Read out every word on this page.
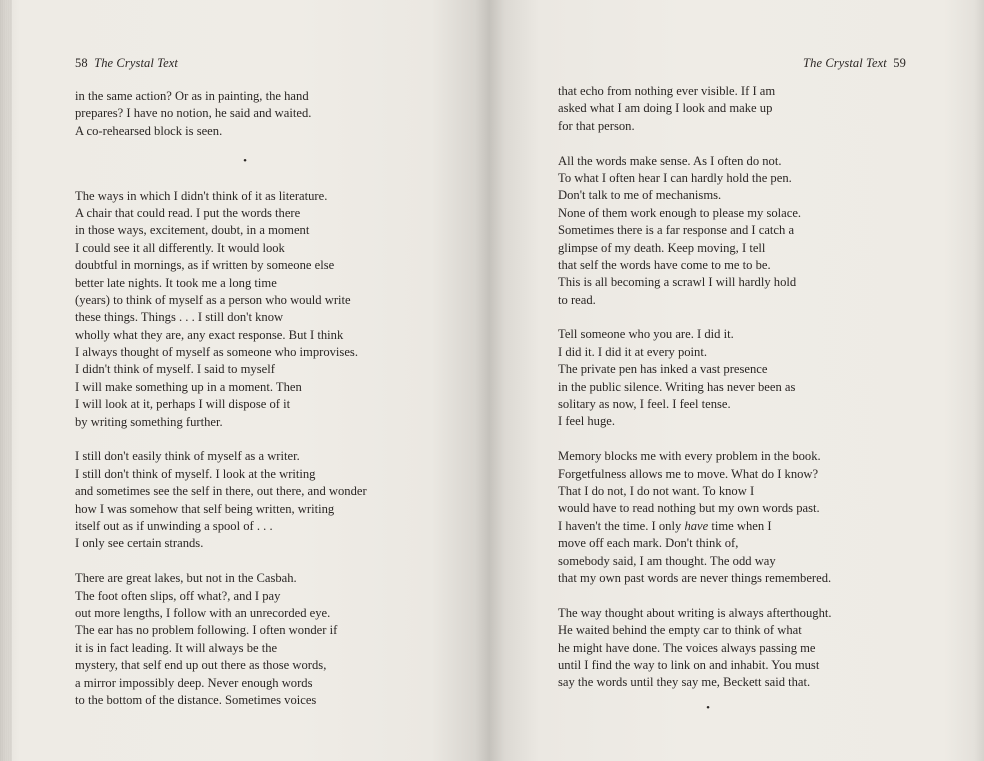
58 The Crystal Text
in the same action? Or as in painting, the hand
prepares? I have no notion, he said and waited.
A co-rehearsed block is seen.
•
The ways in which I didn't think of it as literature.
A chair that could read. I put the words there
in those ways, excitement, doubt, in a moment
I could see it all differently. It would look
doubtful in mornings, as if written by someone else
better late nights. It took me a long time
(years) to think of myself as a person who would write
these things. Things . . . I still don't know
wholly what they are, any exact response. But I think
I always thought of myself as someone who improvises.
I didn't think of myself. I said to myself
I will make something up in a moment. Then
I will look at it, perhaps I will dispose of it
by writing something further.
I still don't easily think of myself as a writer.
I still don't think of myself. I look at the writing
and sometimes see the self in there, out there, and wonder
how I was somehow that self being written, writing
itself out as if unwinding a spool of . . .
I only see certain strands.
There are great lakes, but not in the Casbah.
The foot often slips, off what?, and I pay
out more lengths, I follow with an unrecorded eye.
The ear has no problem following. I often wonder if
it is in fact leading. It will always be the
mystery, that self end up out there as those words,
a mirror impossibly deep. Never enough words
to the bottom of the distance. Sometimes voices
The Crystal Text 59
that echo from nothing ever visible. If I am
asked what I am doing I look and make up
for that person.
All the words make sense. As I often do not.
To what I often hear I can hardly hold the pen.
Don't talk to me of mechanisms.
None of them work enough to please my solace.
Sometimes there is a far response and I catch a
glimpse of my death. Keep moving, I tell
that self the words have come to me to be.
This is all becoming a scrawl I will hardly hold
to read.
Tell someone who you are. I did it.
I did it. I did it at every point.
The private pen has inked a vast presence
in the public silence. Writing has never been as
solitary as now, I feel. I feel tense.
I feel huge.
Memory blocks me with every problem in the book.
Forgetfulness allows me to move. What do I know?
That I do not, I do not want. To know I
would have to read nothing but my own words past.
I haven't the time. I only have time when I
move off each mark. Don't think of,
somebody said, I am thought. The odd way
that my own past words are never things remembered.
The way thought about writing is always afterthought.
He waited behind the empty car to think of what
he might have done. The voices always passing me
until I find the way to link on and inhabit. You must
say the words until they say me, Beckett said that.
•
